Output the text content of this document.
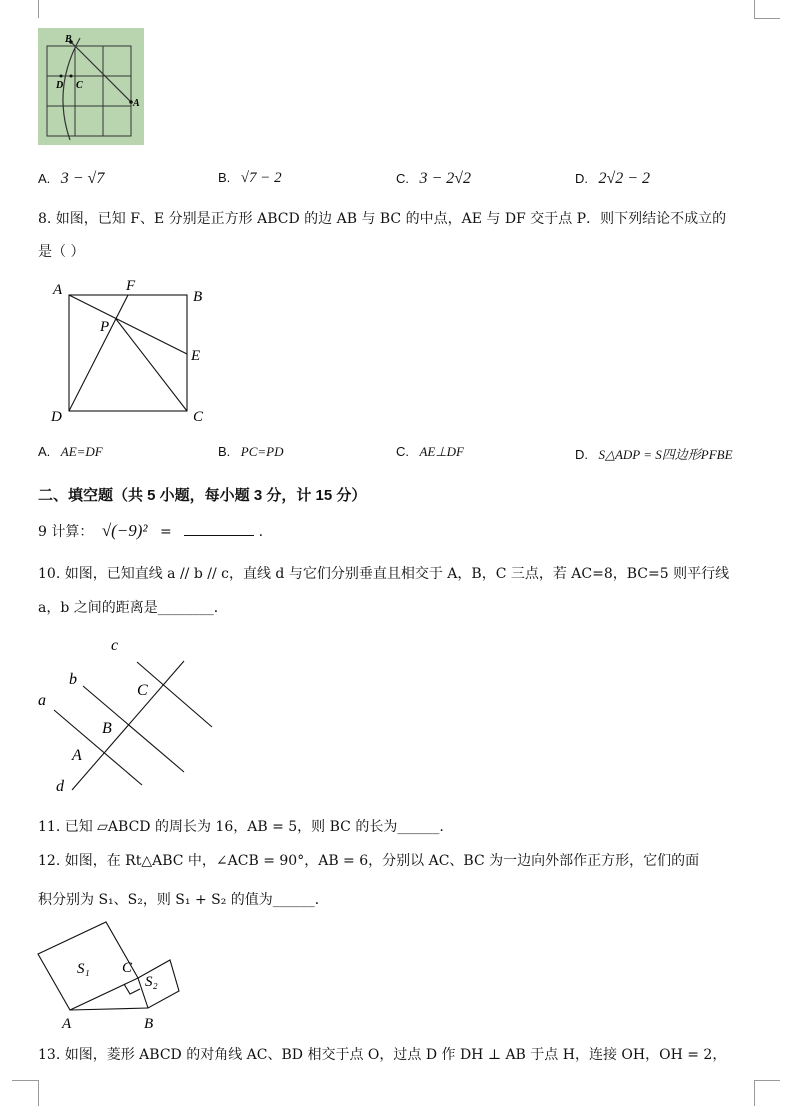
B
D C
A
A. 3 − √7	B. √7 − 2	C. 3 − 2√2	D. 2√2 − 2
8. 如图，已知 F、E 分别是正方形 ABCD 的边 AB 与 BC 的中点，AE 与 DF 交于点 P．则下列结论不成立的
是（ ）
A	F
B
P
E
D	C
A. AE=DF	B. PC=PD	C. AE⊥DF	D. S△ADP = S四边形PFBE
二、填空题（共 5 小题，每小题 3 分，计 15 分）
9 计算： √(−9)² =	.
10. 如图，已知直线 a // b // c，直线 d 与它们分别垂直且相交于 A，B，C 三点，若 AC=8，BC=5 则平行线
a，b 之间的距离是________．
c
b
a
d
C
B
A
11. 已知 ▱ABCD 的周长为 16，AB = 5，则 BC 的长为______.
12. 如图，在 Rt△ABC 中，∠ACB = 90°，AB = 6，分别以 AC、BC 为一边向外部作正方形，它们的面
积分别为 S₁、S₂，则 S₁ + S₂ 的值为______．
S₁
S₂
C
A	B
13. 如图，菱形 ABCD 的对角线 AC、BD 相交于点 O，过点 D 作 DH ⊥ AB 于点 H，连接 OH，OH = 2，
